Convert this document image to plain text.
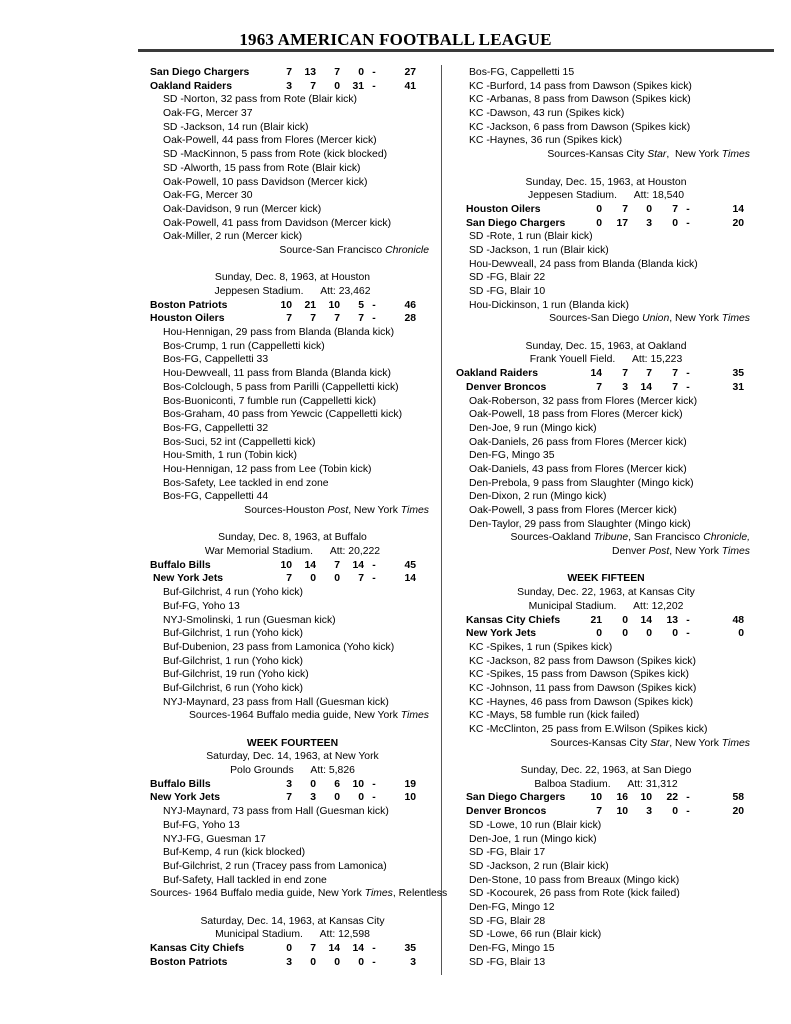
1963 AMERICAN FOOTBALL LEAGUE
San Diego Chargers	7	13	7	0 -	27
Oakland Raiders	3	7	0	31 -	41
SD -Norton, 32 pass from Rote (Blair kick)
Oak-FG, Mercer 37
SD -Jackson, 14 run (Blair kick)
Oak-Powell, 44 pass from Flores (Mercer kick)
SD -MacKinnon, 5 pass from Rote (kick blocked)
SD -Alworth, 15 pass from Rote (Blair kick)
Oak-Powell, 10 pass Davidson (Mercer kick)
Oak-FG, Mercer 30
Oak-Davidson, 9 run (Mercer kick)
Oak-Powell, 41 pass from Davidson (Mercer kick)
Oak-Miller, 2 run (Mercer kick)
Source-San Francisco Chronicle
Sunday, Dec. 8, 1963, at Houston
Jeppesen Stadium.      Att: 23,462
Boston Patriots	10	21	10	5 -	46
Houston Oilers	7	7	7	7 -	28
Hou-Hennigan, 29 pass from Blanda (Blanda kick)
Bos-Crump, 1 run (Cappelletti kick)
Bos-FG, Cappelletti 33
Hou-Dewveall, 11 pass from Blanda (Blanda kick)
Bos-Colclough, 5 pass from Parilli (Cappelletti kick)
Bos-Buoniconti, 7 fumble run (Cappelletti kick)
Bos-Graham, 40 pass from Yewcic (Cappelletti kick)
Bos-FG, Cappelletti 32
Bos-Suci, 52 int (Cappelletti kick)
Hou-Smith, 1 run (Tobin kick)
Hou-Hennigan, 12 pass from Lee (Tobin kick)
Bos-Safety, Lee tackled in end zone
Bos-FG, Cappelletti 44
Sources-Houston Post, New York Times
Sunday, Dec. 8, 1963, at Buffalo
War Memorial Stadium.      Att: 20,222
Buffalo Bills	10	14	7	14 -	45
New York Jets	7	0	0	7 -	14
Buf-Gilchrist, 4 run (Yoho kick)
Buf-FG, Yoho 13
NYJ-Smolinski, 1 run (Guesman kick)
Buf-Gilchrist, 1 run (Yoho kick)
Buf-Dubenion, 23 pass from Lamonica (Yoho kick)
Buf-Gilchrist, 1 run (Yoho kick)
Buf-Gilchrist, 19 run (Yoho kick)
Buf-Gilchrist, 6 run (Yoho kick)
NYJ-Maynard, 23 pass from Hall (Guesman kick)
Sources-1964 Buffalo media guide, New York Times
WEEK FOURTEEN
Saturday, Dec. 14, 1963, at New York
Polo Grounds      Att: 5,826
Buffalo Bills	3	0	6	10 -	19
New York Jets	7	3	0	0 -	10
NYJ-Maynard, 73 pass from Hall (Guesman kick)
Buf-FG, Yoho 13
NYJ-FG, Guesman 17
Buf-Kemp, 4 run (kick blocked)
Buf-Gilchrist, 2 run (Tracey pass from Lamonica)
Buf-Safety, Hall tackled in end zone
Sources- 1964 Buffalo media guide, New York Times, Relentless
Saturday, Dec. 14, 1963, at Kansas City
Municipal Stadium.      Att: 12,598
Kansas City Chiefs	0	7	14	14 -	35
Boston Patriots	3	0	0	0 -	3
Bos-FG, Cappelletti 15
KC -Burford, 14 pass from Dawson (Spikes kick)
KC -Arbanas, 8 pass from Dawson (Spikes kick)
KC -Dawson, 43 run (Spikes kick)
KC -Jackson, 6 pass from Dawson (Spikes kick)
KC -Haynes, 36 run (Spikes kick)
Sources-Kansas City Star,  New York Times
Sunday, Dec. 15, 1963, at Houston
Jeppesen Stadium.      Att: 18,540
Houston Oilers	0	7	0	7 -	14
San Diego Chargers	0	17	3	0 -	20
SD -Rote, 1 run (Blair kick)
SD -Jackson, 1 run (Blair kick)
Hou-Dewveall, 24 pass from Blanda (Blanda kick)
SD -FG, Blair 22
SD -FG, Blair 10
Hou-Dickinson, 1 run (Blanda kick)
Sources-San Diego Union, New York Times
Sunday, Dec. 15, 1963, at Oakland
Frank Youell Field.      Att: 15,223
Oakland Raiders	14	7	7	7 -	35
Denver Broncos	7	3	14	7 -	31
Oak-Roberson, 32 pass from Flores (Mercer kick)
Oak-Powell, 18 pass from Flores (Mercer kick)
Den-Joe, 9 run (Mingo kick)
Oak-Daniels, 26 pass from Flores (Mercer kick)
Den-FG, Mingo 35
Oak-Daniels, 43 pass from Flores (Mercer kick)
Den-Prebola, 9 pass from Slaughter (Mingo kick)
Den-Dixon, 2 run (Mingo kick)
Oak-Powell, 3 pass from Flores (Mercer kick)
Den-Taylor, 29 pass from Slaughter (Mingo kick)
Sources-Oakland Tribune, San Francisco Chronicle,
Denver Post, New York Times
WEEK FIFTEEN
Sunday, Dec. 22, 1963, at Kansas City
Municipal Stadium.      Att: 12,202
Kansas City Chiefs	21	0	14	13 -	48
New York Jets	0	0	0	0 -	0
KC -Spikes, 1 run (Spikes kick)
KC -Jackson, 82 pass from Dawson (Spikes kick)
KC -Spikes, 15 pass from Dawson (Spikes kick)
KC -Johnson, 11 pass from Dawson (Spikes kick)
KC -Haynes, 46 pass from Dawson (Spikes kick)
KC -Mays, 58 fumble run (kick failed)
KC -McClinton, 25 pass from E.Wilson (Spikes kick)
Sources-Kansas City Star, New York Times
Sunday, Dec. 22, 1963, at San Diego
Balboa Stadium.      Att: 31,312
San Diego Chargers	10	16	10	22 -	58
Denver Broncos	7	10	3	0 -	20
SD -Lowe, 10 run (Blair kick)
Den-Joe, 1 run (Mingo kick)
SD -FG, Blair 17
SD -Jackson, 2 run (Blair kick)
Den-Stone, 10 pass from Breaux (Mingo kick)
SD -Kocourek, 26 pass from Rote (kick failed)
Den-FG, Mingo 12
SD -FG, Blair 28
SD -Lowe, 66 run (Blair kick)
Den-FG, Mingo 15
SD -FG, Blair 13
